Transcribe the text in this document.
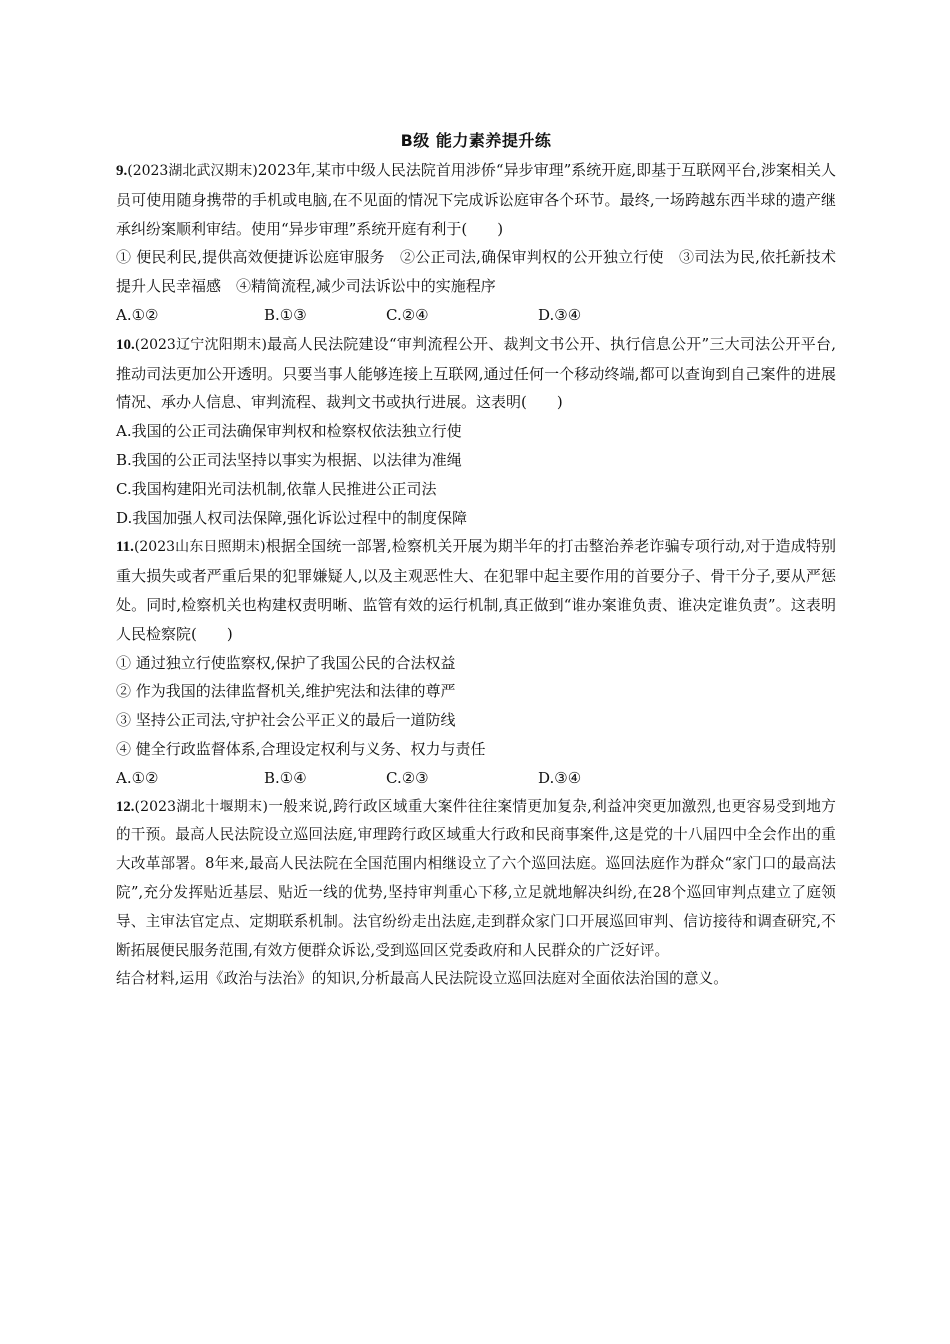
B级 能力素养提升练

9.(2023湖北武汉期末)2023年,某市中级人民法院首用涉侨“异步审理”系统开庭,即基于互联网平台,涉案相关人员可使用随身携带的手机或电脑,在不见面的情况下完成诉讼庭审各个环节。最终,一场跨越东西半球的遗产继承纠纷案顺利审结。使用“异步审理”系统开庭有利于(　　)

① 便民利民,提供高效便捷诉讼庭审服务　②公正司法,确保审判权的公开独立行使　③司法为民,依托新技术提升人民幸福感　④精简流程,减少司法诉讼中的实施程序

A.①②	B.①③	C.②④	D.③④

10.(2023辽宁沈阳期末)最高人民法院建设“审判流程公开、裁判文书公开、执行信息公开”三大司法公开平台,推动司法更加公开透明。只要当事人能够连接上互联网,通过任何一个移动终端,都可以查询到自己案件的进展情况、承办人信息、审判流程、裁判文书或执行进展。这表明(　　)

A.我国的公正司法确保审判权和检察权依法独立行使

B.我国的公正司法坚持以事实为根据、以法律为准绳

C.我国构建阳光司法机制,依靠人民推进公正司法

D.我国加强人权司法保障,强化诉讼过程中的制度保障

11.(2023山东日照期末)根据全国统一部署,检察机关开展为期半年的打击整治养老诈骗专项行动,对于造成特别重大损失或者严重后果的犯罪嫌疑人,以及主观恶性大、在犯罪中起主要作用的首要分子、骨干分子,要从严惩处。同时,检察机关也构建权责明晰、监管有效的运行机制,真正做到“谁办案谁负责、谁决定谁负责”。这表明人民检察院(　　)

① 通过独立行使监察权,保护了我国公民的合法权益

② 作为我国的法律监督机关,维护宪法和法律的尊严

③ 坚持公正司法,守护社会公平正义的最后一道防线

④ 健全行政监督体系,合理设定权利与义务、权力与责任

A.①②	B.①④	C.②③	D.③④

12.(2023湖北十堰期末)一般来说,跨行政区域重大案件往往案情更加复杂,利益冲突更加激烈,也更容易受到地方的干预。最高人民法院设立巡回法庭,审理跨行政区域重大行政和民商事案件,这是党的十八届四中全会作出的重大改革部署。8年来,最高人民法院在全国范围内相继设立了六个巡回法庭。巡回法庭作为群众“家门口的最高法院”,充分发挥贴近基层、贴近一线的优势,坚持审判重心下移,立足就地解决纠纷,在28个巡回审判点建立了庭领导、主审法官定点、定期联系机制。法官纷纷走出法庭,走到群众家门口开展巡回审判、信访接待和调查研究,不断拓展便民服务范围,有效方便群众诉讼,受到巡回区党委政府和人民群众的广泛好评。

结合材料,运用《政治与法治》的知识,分析最高人民法院设立巡回法庭对全面依法治国的意义。
